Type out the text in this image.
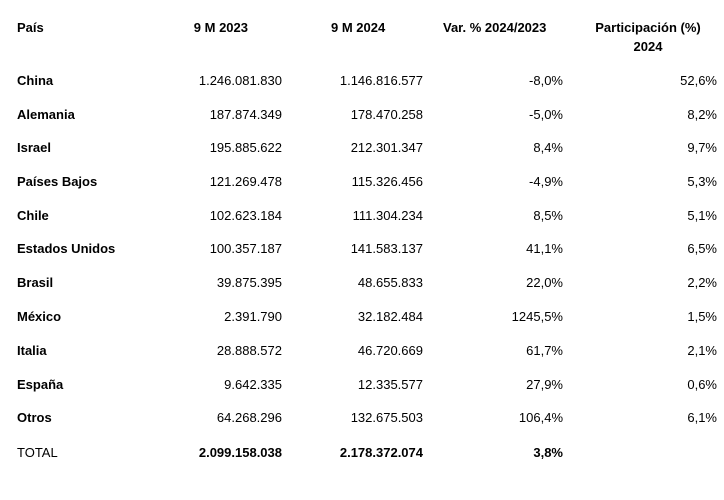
País	9 M 2023	9 M 2024	Var. % 2024/2023	Participación (%)
2024
China	1.246.081.830	1.146.816.577	-8,0%	52,6%
Alemania	187.874.349	178.470.258	-5,0%	8,2%
Israel	195.885.622	212.301.347	8,4%	9,7%
Países Bajos	121.269.478	115.326.456	-4,9%	5,3%
Chile	102.623.184	111.304.234	8,5%	5,1%
Estados Unidos	100.357.187	141.583.137	41,1%	6,5%
Brasil	39.875.395	48.655.833	22,0%	2,2%
México	2.391.790	32.182.484	1245,5%	1,5%
Italia	28.888.572	46.720.669	61,7%	2,1%
España	9.642.335	12.335.577	27,9%	0,6%
Otros	64.268.296	132.675.503	106,4%	6,1%
TOTAL	2.099.158.038	2.178.372.074	3,8%
